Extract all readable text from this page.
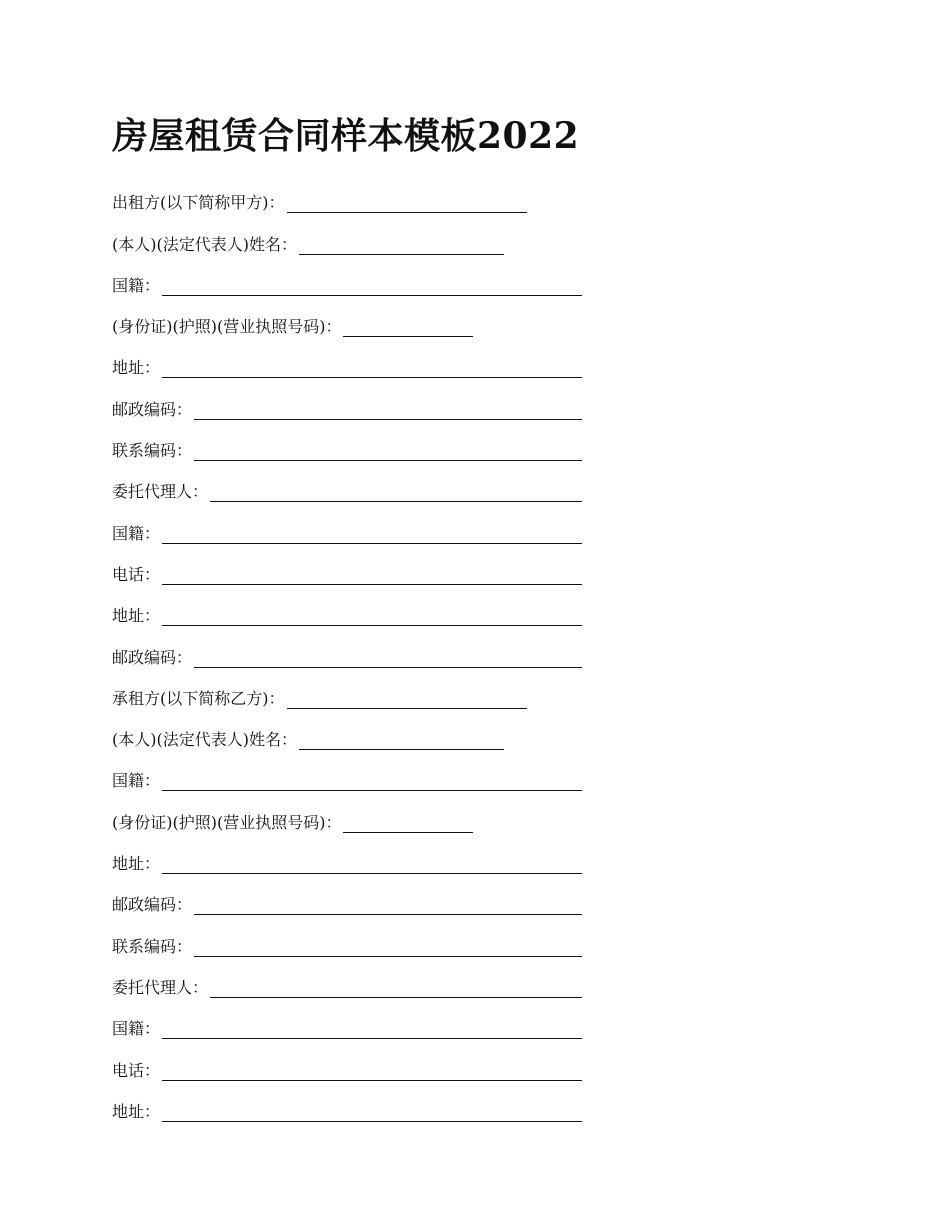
房屋租赁合同样本模板2022
出租方(以下简称甲方)：
(本人)(法定代表人)姓名：
国籍：
(身份证)(护照)(营业执照号码)：
地址：
邮政编码：
联系编码：
委托代理人：
国籍：
电话：
地址：
邮政编码：
承租方(以下简称乙方)：
(本人)(法定代表人)姓名：
国籍：
(身份证)(护照)(营业执照号码)：
地址：
邮政编码：
联系编码：
委托代理人：
国籍：
电话：
地址：
